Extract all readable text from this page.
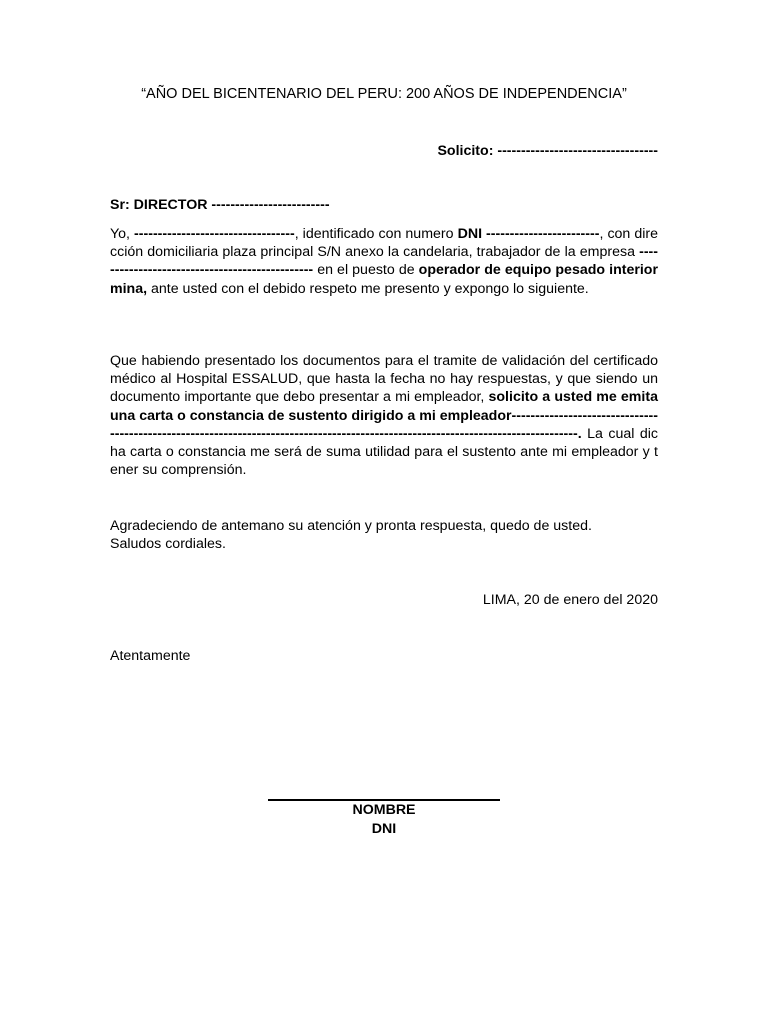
“AÑO DEL BICENTENARIO DEL PERU: 200 AÑOS DE INDEPENDENCIA”
Solicito: ----------------------------------
Sr: DIRECTOR -------------------------
Yo, ----------------------------------, identificado con numero DNI ------------------------, con dirección domiciliaria plaza principal S/N anexo la candelaria, trabajador de la empresa ----------------------------------------------- en el puesto de operador de equipo pesado interior mina, ante usted con el debido respeto me presento y expongo lo siguiente.
Que habiendo presentado los documentos para el tramite de validación del certificado médico al Hospital ESSALUD, que hasta la fecha no hay respuestas, y que siendo un documento importante que debo presentar a mi empleador, solicito a usted me emita una carta o constancia de sustento dirigido a mi empleador----------------------------------------------------------------------------------------------------------------------------------. La cual dicha carta o constancia me será de suma utilidad para el sustento ante mi empleador y tener su comprensión.
Agradeciendo de antemano su atención y pronta respuesta, quedo de usted.
Saludos cordiales.
LIMA, 20 de enero del 2020
Atentamente
NOMBRE
DNI
